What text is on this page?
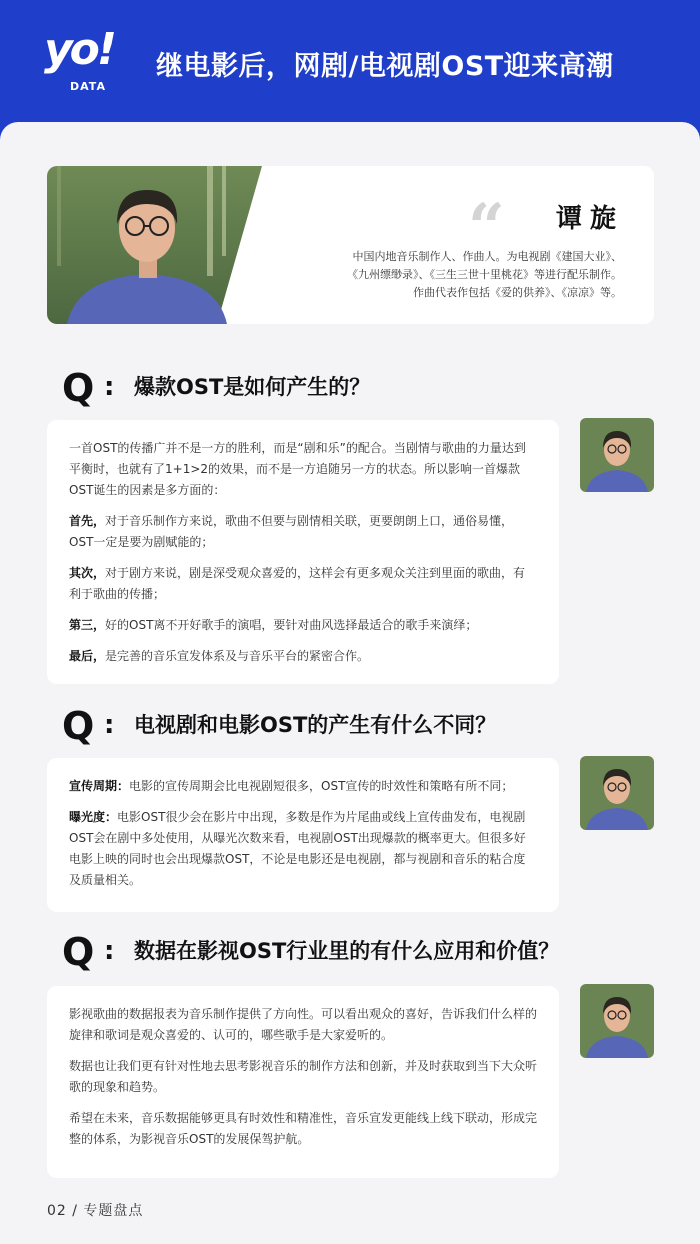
yo!
DATA
继电影后，网剧/电视剧OST迎来高潮
“ 谭旋
中国内地音乐制作人、作曲人。为电视剧《建国大业》、
《九州缥缈录》、《三生三世十里桃花》等进行配乐制作。
作曲代表作包括《爱的供养》、《凉凉》等。
Q : 爆款OST是如何产生的？

一首OST的传播广并不是一方的胜利，而是“剧和乐”的配合。当剧情与歌曲的力量达到平衡时，也就有了1+1>2的效果，而不是一方追随另一方的状态。所以影响一首爆款OST诞生的因素是多方面的：

首先，对于音乐制作方来说，歌曲不但要与剧情相关联，更要朗朗上口，通俗易懂，OST一定是要为剧赋能的；

其次，对于剧方来说，剧是深受观众喜爱的，这样会有更多观众关注到里面的歌曲，有利于歌曲的传播；

第三，好的OST离不开好歌手的演唱，要针对曲风选择最适合的歌手来演绎；

最后，是完善的音乐宣发体系及与音乐平台的紧密合作。

Q : 电视剧和电影OST的产生有什么不同？

宣传周期：电影的宣传周期会比电视剧短很多，OST宣传的时效性和策略有所不同；

曝光度：电影OST很少会在影片中出现，多数是作为片尾曲或线上宣传曲发布，电视剧OST会在剧中多处使用，从曝光次数来看，电视剧OST出现爆款的概率更大。但很多好电影上映的同时也会出现爆款OST，不论是电影还是电视剧，都与视剧和音乐的粘合度及质量相关。

Q : 数据在影视OST行业里的有什么应用和价值？

影视歌曲的数据报表为音乐制作提供了方向性。可以看出观众的喜好，告诉我们什么样的旋律和歌词是观众喜爱的、认可的，哪些歌手是大家爱听的。

数据也让我们更有针对性地去思考影视音乐的制作方法和创新，并及时获取到当下大众听歌的现象和趋势。

希望在未来，音乐数据能够更具有时效性和精准性，音乐宣发更能线上线下联动，形成完整的体系，为影视音乐OST的发展保驾护航。

02 / 专题盘点
